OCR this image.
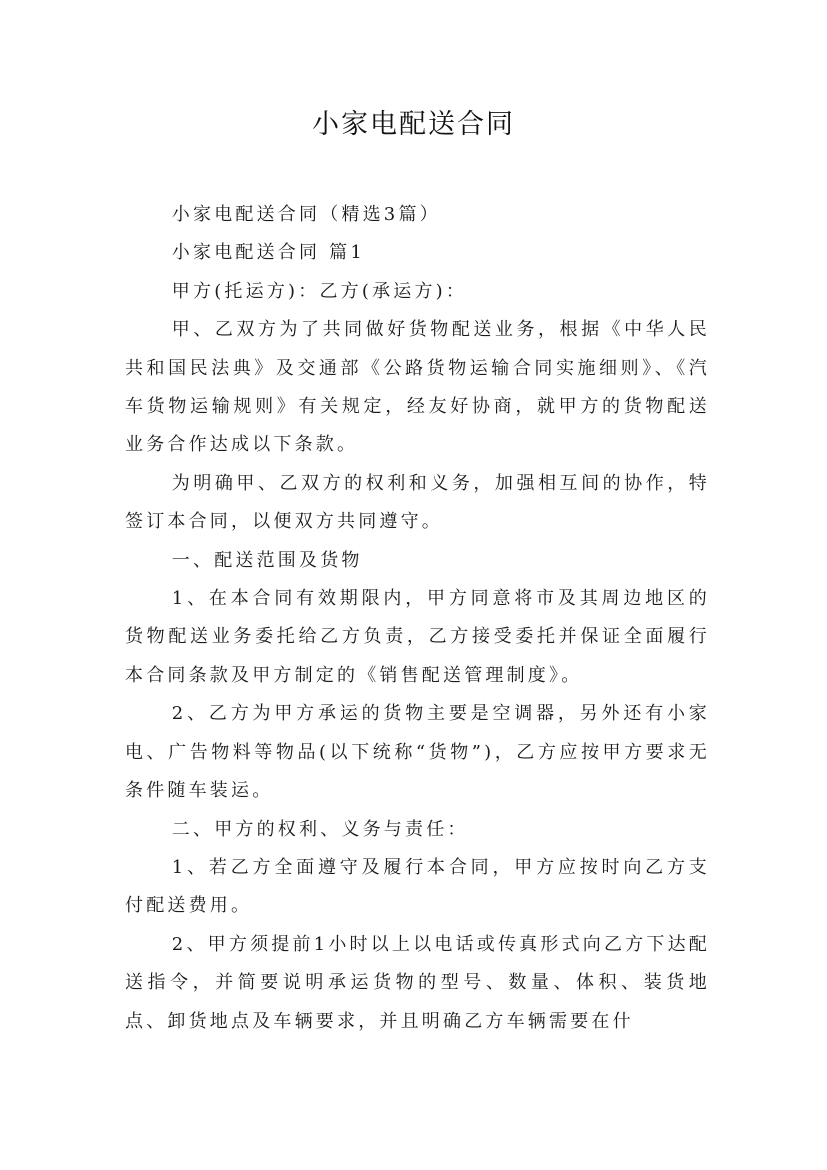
小家电配送合同

小家电配送合同（精选3篇）

小家电配送合同 篇1

甲方(托运方)：乙方(承运方)：

甲、乙双方为了共同做好货物配送业务，根据《中华人民共和国民法典》及交通部《公路货物运输合同实施细则》、《汽车货物运输规则》有关规定，经友好协商，就甲方的货物配送业务合作达成以下条款。

为明确甲、乙双方的权利和义务，加强相互间的协作，特签订本合同，以便双方共同遵守。

一、配送范围及货物

1、在本合同有效期限内，甲方同意将市及其周边地区的货物配送业务委托给乙方负责，乙方接受委托并保证全面履行本合同条款及甲方制定的《销售配送管理制度》。

2、乙方为甲方承运的货物主要是空调器，另外还有小家电、广告物料等物品(以下统称“货物”)，乙方应按甲方要求无条件随车装运。

二、甲方的权利、义务与责任：

1、若乙方全面遵守及履行本合同，甲方应按时向乙方支付配送费用。

2、甲方须提前1小时以上以电话或传真形式向乙方下达配送指令，并简要说明承运货物的型号、数量、体积、装货地点、卸货地点及车辆要求，并且明确乙方车辆需要在什
